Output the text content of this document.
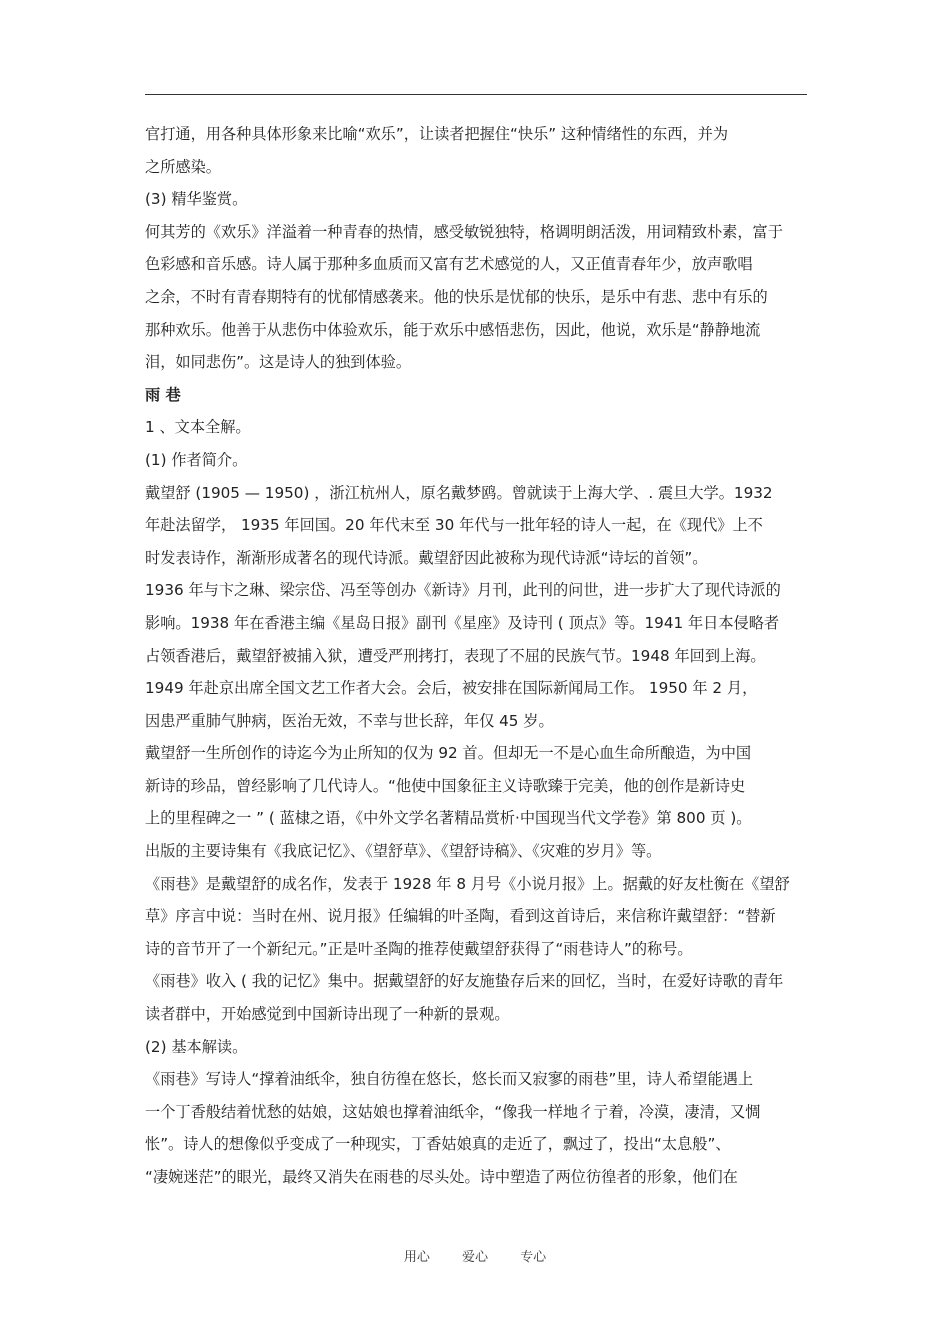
官打通，用各种具体形象来比喻“欢乐”，让读者把握住“快乐” 这种情绪性的东西，并为
之所感染。
(3) 精华鉴赏。
何其芳的《欢乐》洋溢着一种青春的热情，感受敏锐独特，格调明朗活泼，用词精致朴素，富于
色彩感和音乐感。诗人属于那种多血质而又富有艺术感觉的人，又正值青春年少，放声歌唱
之余，不时有青春期特有的忧郁情感袭来。他的快乐是忧郁的快乐，是乐中有悲、悲中有乐的
那种欢乐。他善于从悲伤中体验欢乐，能于欢乐中感悟悲伤，因此，他说，欢乐是“静静地流
泪，如同悲伤”。这是诗人的独到体验。
雨 巷
1 、文本全解。
(1) 作者简介。
戴望舒 (1905 — 1950) ，浙江杭州人，原名戴梦鸥。曾就读于上海大学、. 震旦大学。1932
年赴法留学， 1935 年回国。20 年代末至 30 年代与一批年轻的诗人一起，在《现代》上不
时发表诗作，渐渐形成著名的现代诗派。戴望舒因此被称为现代诗派“诗坛的首领”。
1936 年与卞之琳、梁宗岱、冯至等创办《新诗》月刊，此刊的问世，进一步扩大了现代诗派的
影响。1938 年在香港主编《星岛日报》副刊《星座》及诗刊 ( 顶点》等。1941 年日本侵略者
占领香港后，戴望舒被捕入狱，遭受严刑拷打，表现了不屈的民族气节。1948 年回到上海。
1949 年赴京出席全国文艺工作者大会。会后，被安排在国际新闻局工作。 1950 年 2 月，
因患严重肺气肿病，医治无效，不幸与世长辞，年仅 45 岁。
戴望舒一生所创作的诗迄今为止所知的仅为 92 首。但却无一不是心血生命所酿造，为中国
新诗的珍品，曾经影响了几代诗人。“他使中国象征主义诗歌臻于完美，他的创作是新诗史
上的里程碑之一 ” ( 蓝棣之语，《中外文学名著精品赏析·中国现当代文学卷》第 800 页 )。
出版的主要诗集有《我底记忆》、《望舒草》、《望舒诗稿》、《灾难的岁月》等。
《雨巷》是戴望舒的成名作，发表于 1928 年 8 月号《小说月报》上。据戴的好友杜衡在《望舒
草》序言中说：当时在州、说月报》任编辑的叶圣陶，看到这首诗后，来信称许戴望舒：“替新
诗的音节开了一个新纪元。”正是叶圣陶的推荐使戴望舒获得了“雨巷诗人”的称号。
《雨巷》收入 ( 我的记忆》集中。据戴望舒的好友施蛰存后来的回忆，当时，在爱好诗歌的青年
读者群中，开始感觉到中国新诗出现了一种新的景观。
(2) 基本解读。
《雨巷》写诗人“撑着油纸伞，独自彷徨在悠长，悠长而又寂寥的雨巷”里，诗人希望能遇上
一个丁香般结着忧愁的姑娘，这姑娘也撑着油纸伞，“像我一样地彳亍着，冷漠，凄清，又惆
怅”。诗人的想像似乎变成了一种现实，丁香姑娘真的走近了，飘过了，投出“太息般”、
“凄婉迷茫”的眼光，最终又消失在雨巷的尽头处。诗中塑造了两位彷徨者的形象，他们在
用心 爱心 专心
